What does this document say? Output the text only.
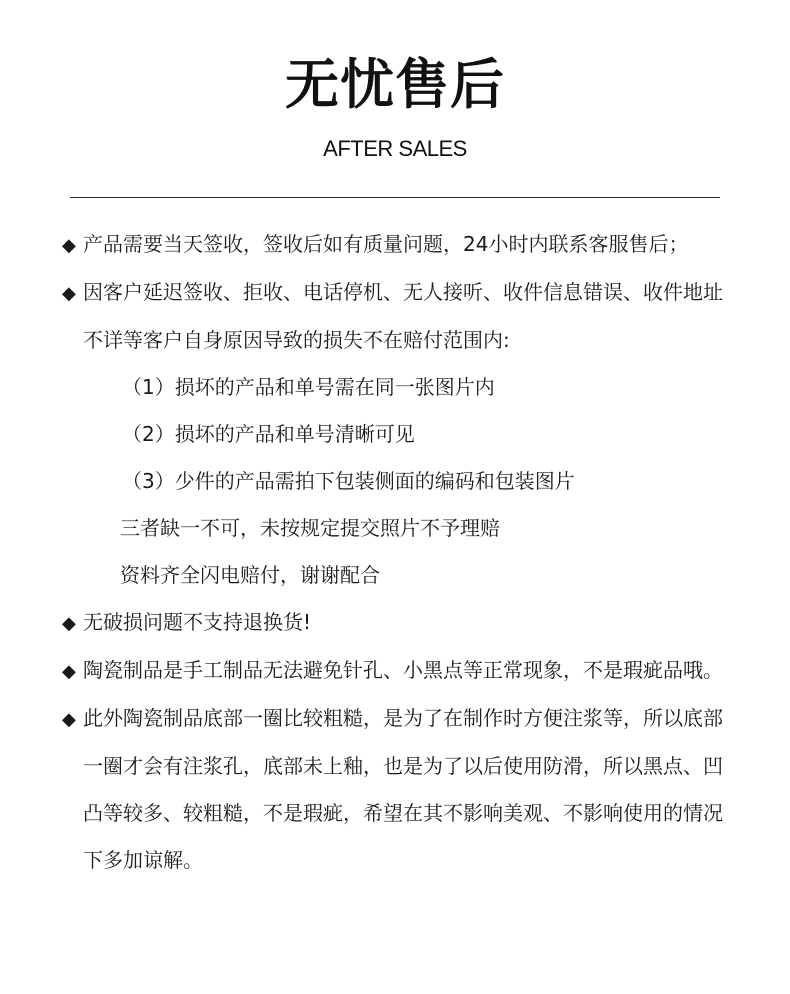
无忧售后
AFTER SALES

◆ 产品需要当天签收，签收后如有质量问题，24小时内联系客服售后；

◆ 因客户延迟签收、拒收、电话停机、无人接听、收件信息错误、收件地址不详等客户自身原因导致的损失不在赔付范围内:

（1）损坏的产品和单号需在同一张图片内

（2）损坏的产品和单号清晰可见

（3）少件的产品需拍下包装侧面的编码和包装图片

三者缺一不可，未按规定提交照片不予理赔

资料齐全闪电赔付，谢谢配合

◆ 无破损问题不支持退换货!

◆ 陶瓷制品是手工制品无法避免针孔、小黑点等正常现象，不是瑕疵品哦。

◆ 此外陶瓷制品底部一圈比较粗糙，是为了在制作时方便注浆等，所以底部一圈才会有注浆孔，底部未上釉，也是为了以后使用防滑，所以黑点、凹凸等较多、较粗糙，不是瑕疵，希望在其不影响美观、不影响使用的情况下多加谅解。
